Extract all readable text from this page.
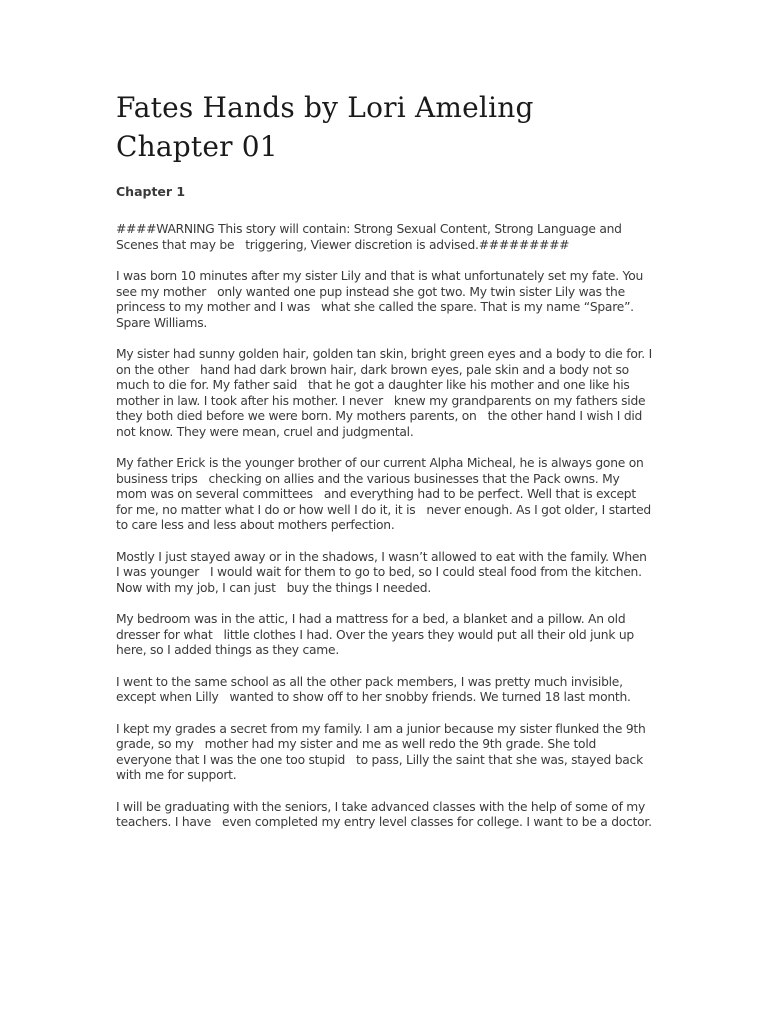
Fates Hands by Lori Ameling Chapter 01
Chapter 1

####WARNING This story will contain: Strong Sexual Content, Strong Language and Scenes that may be   triggering, Viewer discretion is advised.#########

I was born 10 minutes after my sister Lily and that is what unfortunately set my fate. You see my mother   only wanted one pup instead she got two. My twin sister Lily was the princess to my mother and I was   what she called the spare. That is my name “Spare”. Spare Williams.

My sister had sunny golden hair, golden tan skin, bright green eyes and a body to die for. I on the other   hand had dark brown hair, dark brown eyes, pale skin and a body not so much to die for. My father said   that he got a daughter like his mother and one like his mother in law. I took after his mother. I never   knew my grandparents on my fathers side they both died before we were born. My mothers parents, on   the other hand I wish I did not know. They were mean, cruel and judgmental.

My father Erick is the younger brother of our current Alpha Micheal, he is always gone on business trips   checking on allies and the various businesses that the Pack owns. My mom was on several committees   and everything had to be perfect. Well that is except for me, no matter what I do or how well I do it, it is   never enough. As I got older, I started to care less and less about mothers perfection.

Mostly I just stayed away or in the shadows, I wasn’t allowed to eat with the family. When I was younger   I would wait for them to go to bed, so I could steal food from the kitchen. Now with my job, I can just   buy the things I needed.

My bedroom was in the attic, I had a mattress for a bed, a blanket and a pillow. An old dresser for what   little clothes I had. Over the years they would put all their old junk up here, so I added things as they came.

I went to the same school as all the other pack members, I was pretty much invisible, except when Lilly   wanted to show off to her snobby friends. We turned 18 last month.

I kept my grades a secret from my family. I am a junior because my sister flunked the 9th grade, so my   mother had my sister and me as well redo the 9th grade. She told everyone that I was the one too stupid   to pass, Lilly the saint that she was, stayed back with me for support.

I will be graduating with the seniors, I take advanced classes with the help of some of my teachers. I have   even completed my entry level classes for college. I want to be a doctor.
